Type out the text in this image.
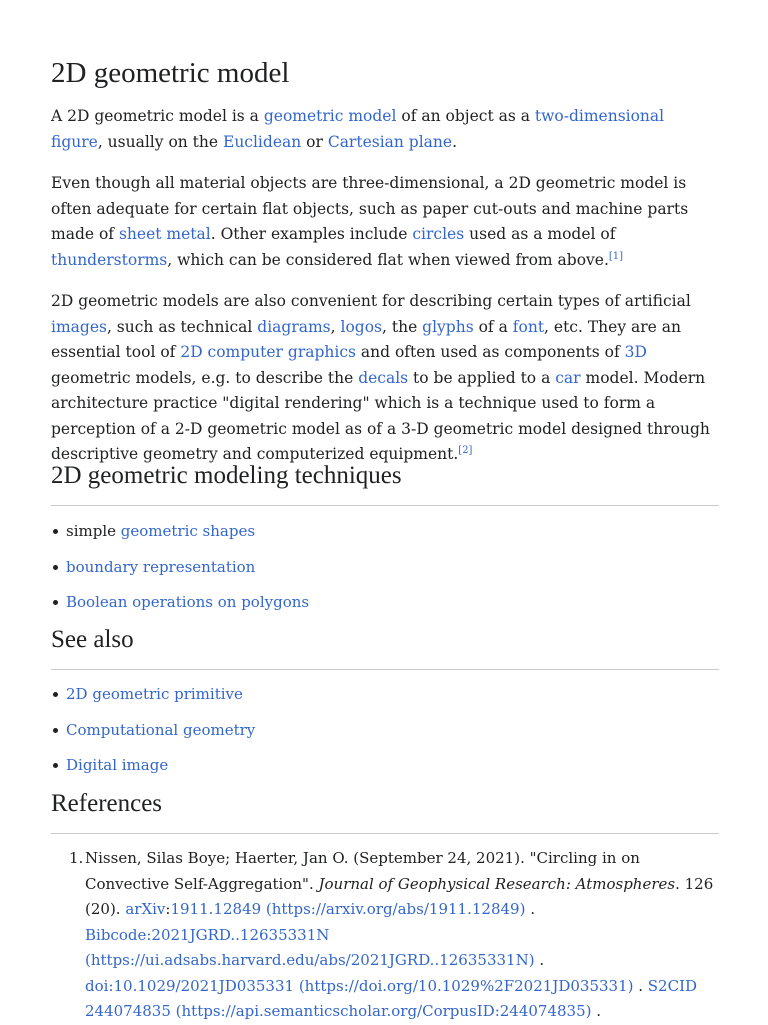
2D geometric model

A 2D geometric model is a geometric model of an object as a two-dimensional figure, usually on the Euclidean or Cartesian plane.

Even though all material objects are three-dimensional, a 2D geometric model is often adequate for certain flat objects, such as paper cut-outs and machine parts made of sheet metal. Other examples include circles used as a model of thunderstorms, which can be considered flat when viewed from above.[1]

2D geometric models are also convenient for describing certain types of artificial images, such as technical diagrams, logos, the glyphs of a font, etc. They are an essential tool of 2D computer graphics and often used as components of 3D geometric models, e.g. to describe the decals to be applied to a car model. Modern architecture practice "digital rendering" which is a technique used to form a perception of a 2-D geometric model as of a 3-D geometric model designed through descriptive geometry and computerized equipment.[2]

2D geometric modeling techniques
simple geometric shapes
boundary representation
Boolean operations on polygons
See also
2D geometric primitive
Computational geometry
Digital image
References
1. Nissen, Silas Boye; Haerter, Jan O. (September 24, 2021). "Circling in on Convective Self-Aggregation". Journal of Geophysical Research: Atmospheres. 126 (20). arXiv:1911.12849 (https://arxiv.org/abs/1911.12849) . Bibcode:2021JGRD..12635331N (https://ui.adsabs.harvard.edu/abs/2021JGRD..12635331N) . doi:10.1029/2021JD035331 (https://doi.org/10.1029%2F2021JD035331) . S2CID 244074835 (https://api.semanticscholar.org/CorpusID:244074835) .
